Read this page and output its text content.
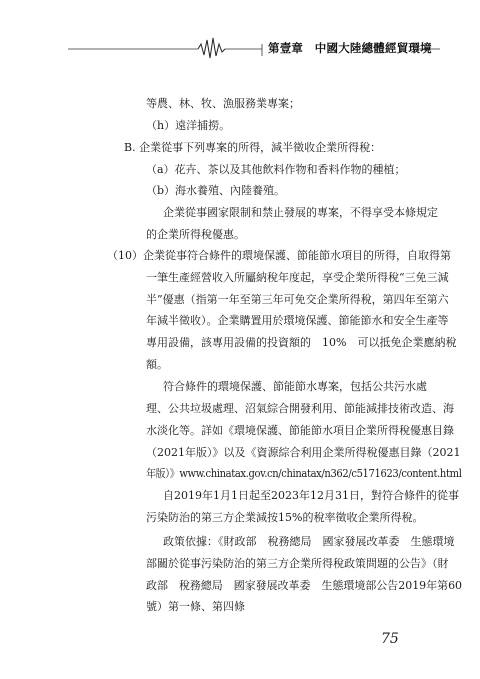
第壹章　中國大陸總體經貿環境
等農、林、牧、漁服務業專案；
（h）遠洋捕撈。
B. 企業從事下列專案的所得，減半徵收企業所得稅：
（a）花卉、茶以及其他飲料作物和香料作物的種植；
（b）海水養殖、內陸養殖。
企業從事國家限制和禁止發展的專案，不得享受本條規定
的企業所得稅優惠。
（10）企業從事符合條件的環境保護、節能節水項目的所得，自取得第
一筆生產經營收入所屬納稅年度起，享受企業所得稅“三免三減
半”優惠（指第一年至第三年可免交企業所得稅，第四年至第六
年減半徵收）。企業購置用於環境保護、節能節水和安全生產等
專用設備，該專用設備的投資額的　10%　可以抵免企業應納稅
額。
符合條件的環境保護、節能節水專案，包括公共污水處
理、公共垃圾處理、沼氣綜合開發利用、節能減排技術改造、海
水淡化等。詳如《環境保護、節能節水項目企業所得稅優惠目錄
（2021年版）》以及《資源綜合利用企業所得稅優惠目錄（2021
年版）》www.chinatax.gov.cn/chinatax/n362/c5171623/content.html
自2019年1月1日起至2023年12月31日，對符合條件的從事
污染防治的第三方企業減按15%的稅率徵收企業所得稅。
政策依據：《財政部　稅務總局　國家發展改革委　生態環境
部關於從事污染防治的第三方企業所得稅政策問題的公告》（財
政部　稅務總局　國家發展改革委　生態環境部公告2019年第60
號）第一條、第四條
75
